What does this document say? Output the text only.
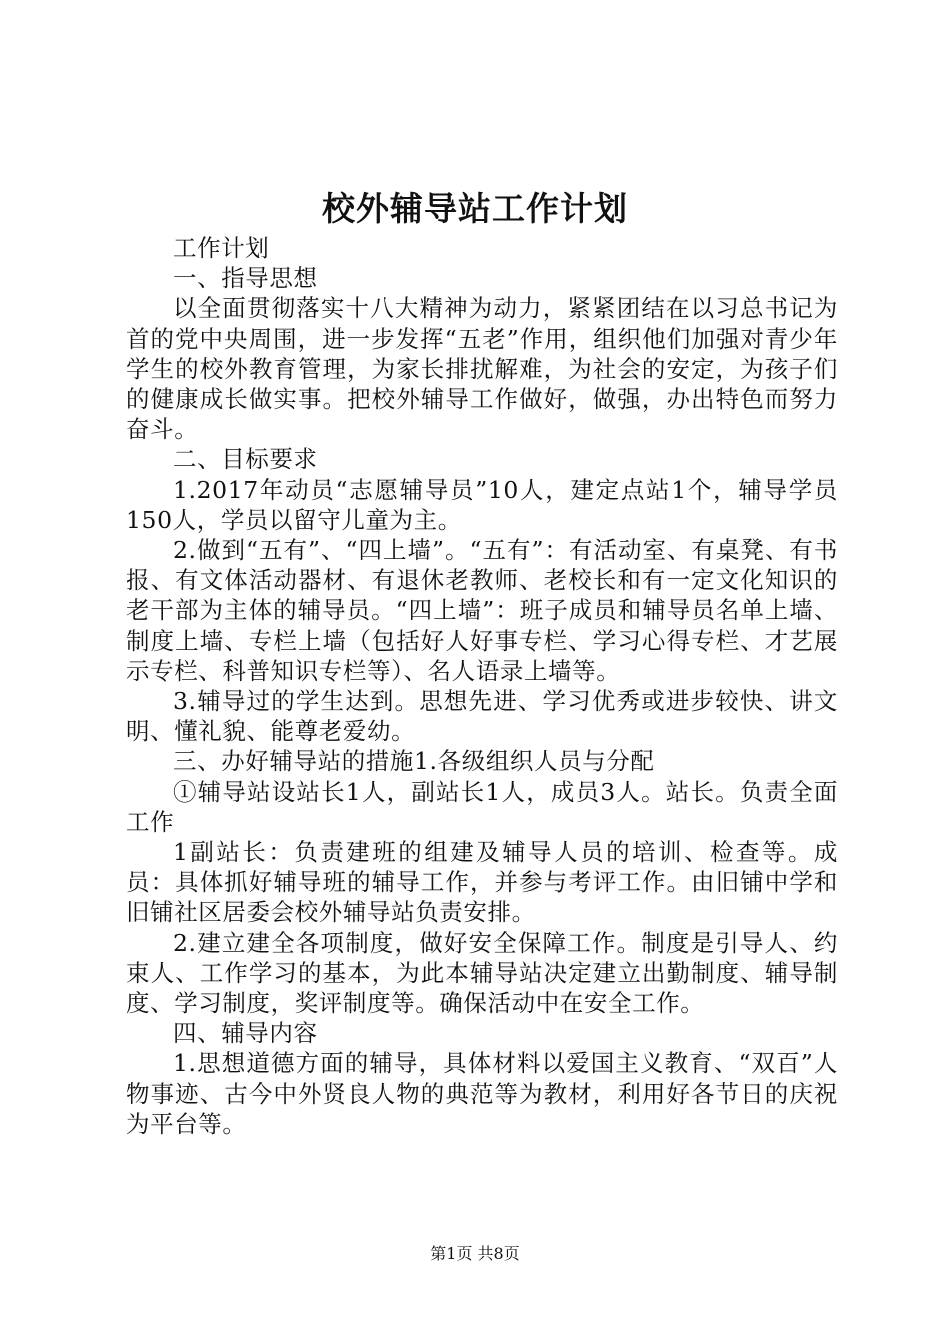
校外辅导站工作计划

工作计划

一、指导思想

以全面贯彻落实十八大精神为动力，紧紧团结在以习总书记为首的党中央周围，进一步发挥“五老”作用，组织他们加强对青少年学生的校外教育管理，为家长排扰解难，为社会的安定，为孩子们的健康成长做实事。把校外辅导工作做好，做强，办出特色而努力奋斗。

二、目标要求

1.2017年动员“志愿辅导员”10人，建定点站1个，辅导学员150人，学员以留守儿童为主。

2.做到“五有”、“四上墙”。“五有”：有活动室、有桌凳、有书报、有文体活动器材、有退休老教师、老校长和有一定文化知识的老干部为主体的辅导员。“四上墙”：班子成员和辅导员名单上墙、制度上墙、专栏上墙（包括好人好事专栏、学习心得专栏、才艺展示专栏、科普知识专栏等）、名人语录上墙等。

3.辅导过的学生达到。思想先进、学习优秀或进步较快、讲文明、懂礼貌、能尊老爱幼。

三、办好辅导站的措施1.各级组织人员与分配

①辅导站设站长1人，副站长1人，成员3人。站长。负责全面工作

1副站长：负责建班的组建及辅导人员的培训、检查等。成员：具体抓好辅导班的辅导工作，并参与考评工作。由旧铺中学和旧铺社区居委会校外辅导站负责安排。

2.建立建全各项制度，做好安全保障工作。制度是引导人、约束人、工作学习的基本，为此本辅导站决定建立出勤制度、辅导制度、学习制度，奖评制度等。确保活动中在安全工作。

四、辅导内容

1.思想道德方面的辅导，具体材料以爱国主义教育、“双百”人物事迹、古今中外贤良人物的典范等为教材，利用好各节日的庆祝为平台等。

第1页 共8页
